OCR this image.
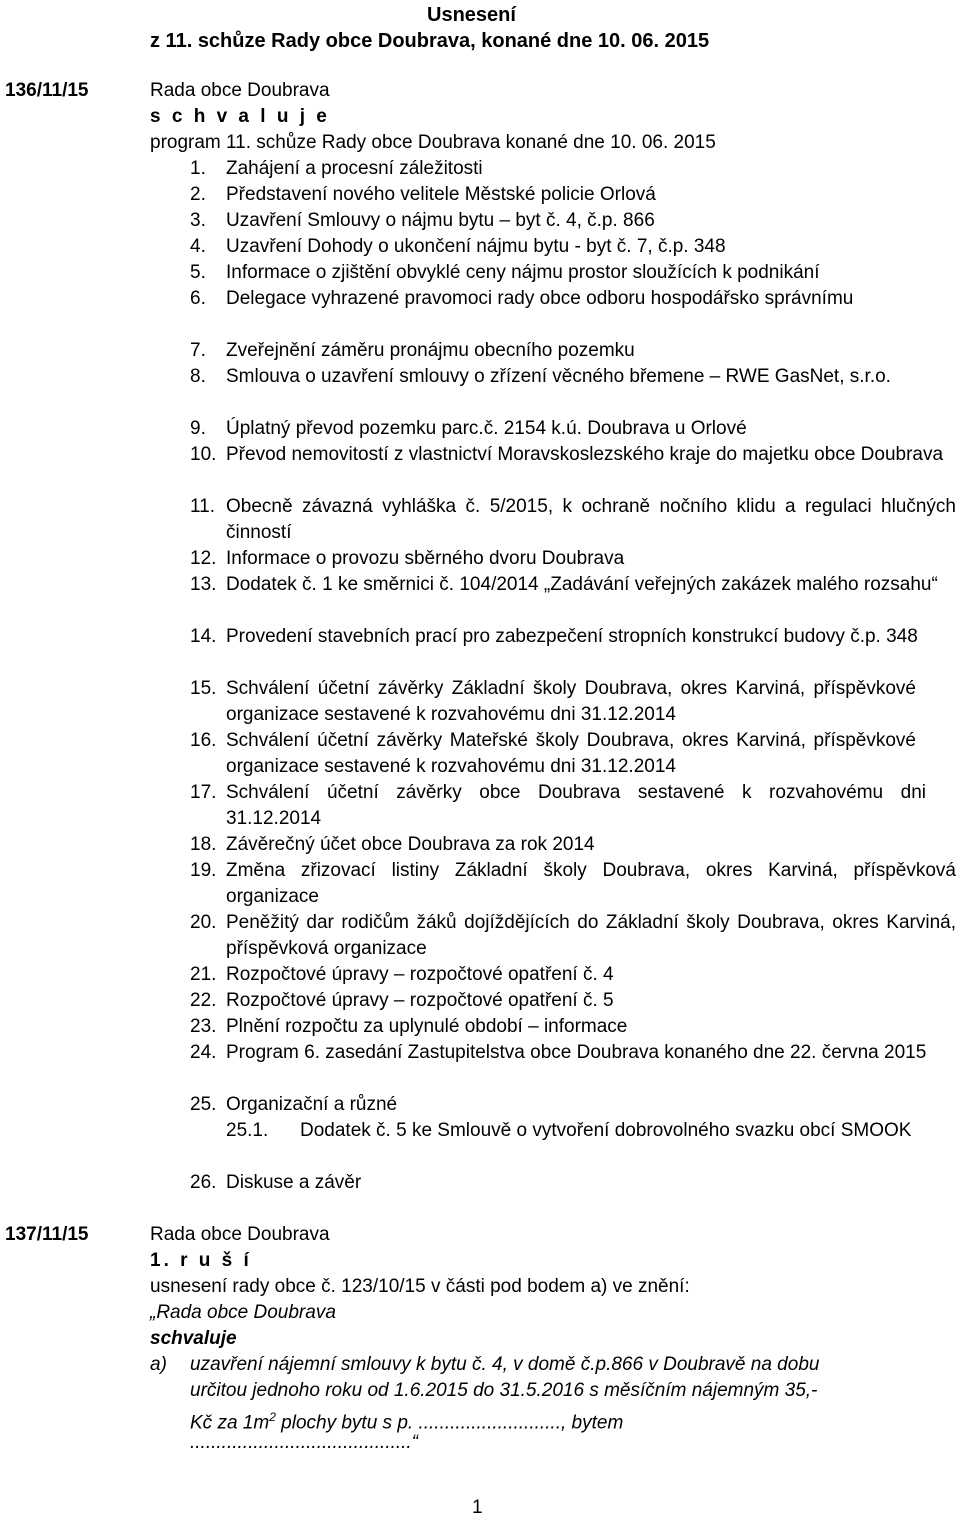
Usnesení
z 11. schůze Rady obce Doubrava, konané dne 10. 06. 2015
136/11/15	Rada obce Doubrava
s c h v a l u j e
program 11. schůze Rady obce Doubrava konané dne 10. 06. 2015
1. Zahájení a procesní záležitosti
2. Představení nového velitele Městské policie Orlová
3. Uzavření Smlouvy o nájmu bytu – byt č. 4, č.p. 866
4. Uzavření Dohody o ukončení nájmu bytu - byt č. 7, č.p. 348
5. Informace o zjištění obvyklé ceny nájmu prostor sloužících k podnikání
6. Delegace vyhrazené pravomoci rady obce odboru hospodářsko správnímu
7. Zveřejnění záměru pronájmu obecního pozemku
8. Smlouva o uzavření smlouvy o zřízení věcného břemene – RWE GasNet, s.r.o.
9. Úplatný převod pozemku parc.č. 2154 k.ú. Doubrava u Orlové
10. Převod nemovitostí z vlastnictví Moravskoslezského kraje do majetku obce Doubrava
11. Obecně závazná vyhláška č. 5/2015, k ochraně nočního klidu a regulaci hlučných činností
12. Informace o provozu sběrného dvoru Doubrava
13. Dodatek č. 1 ke směrnici č. 104/2014 „Zadávání veřejných zakázek malého rozsahu“
14. Provedení stavebních prací pro zabezpečení stropních konstrukcí budovy č.p. 348
15. Schválení účetní závěrky Základní školy Doubrava, okres Karviná, příspěvkové organizace sestavené k rozvahovému dni 31.12.2014
16. Schválení účetní závěrky Mateřské školy Doubrava, okres Karviná, příspěvkové organizace sestavené k rozvahovému dni 31.12.2014
17. Schválení účetní závěrky obce Doubrava sestavené k rozvahovému dni 31.12.2014
18. Závěrečný účet obce Doubrava za rok 2014
19. Změna zřizovací listiny Základní školy Doubrava, okres Karviná, příspěvková organizace
20. Peněžitý dar rodičům žáků dojíždějících do Základní školy Doubrava, okres Karviná, příspěvková organizace
21. Rozpočtové úpravy – rozpočtové opatření č. 4
22. Rozpočtové úpravy – rozpočtové opatření č. 5
23. Plnění rozpočtu za uplynulé období – informace
24. Program 6. zasedání Zastupitelstva obce Doubrava konaného dne 22. června 2015
25. Organizační a různé
25.1. Dodatek č. 5 ke Smlouvě o vytvoření dobrovolného svazku obcí SMOOK
26. Diskuse a závěr
137/11/15	Rada obce Doubrava
1. r u š í
usnesení rady obce č. 123/10/15 v části pod bodem a) ve znění:
„Rada obce Doubrava
schvaluje
a) uzavření nájemní smlouvy k bytu č. 4, v domě č.p.866 v Doubravě na dobu
určitou jednoho roku od 1.6.2015 do 31.5.2016 s měsíčním nájemným 35,-
Kč za $1m^2$ plochy bytu s p. ..........................., bytem
..........................................“
1
